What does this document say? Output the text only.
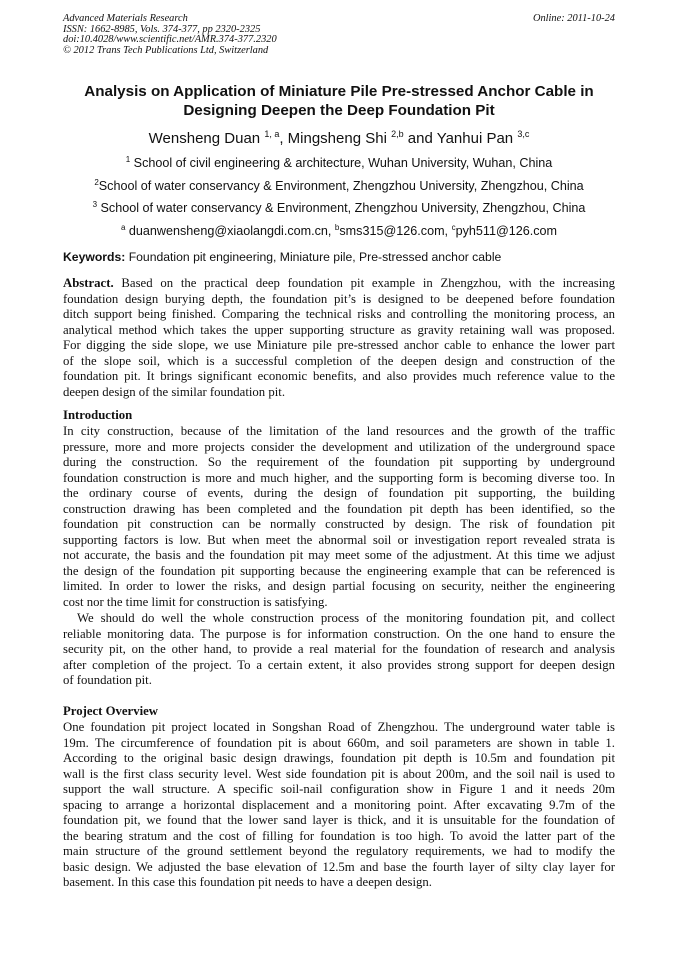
Advanced Materials Research
ISSN: 1662-8985, Vols. 374-377, pp 2320-2325
doi:10.4028/www.scientific.net/AMR.374-377.2320
© 2012 Trans Tech Publications Ltd, Switzerland
Online: 2011-10-24
Analysis on Application of Miniature Pile Pre-stressed Anchor Cable in
Designing Deepen the Deep Foundation Pit
Wensheng Duan $^{1, a}$, Mingsheng Shi $^{2,b}$ and Yanhui Pan $^{3,c}$
$^1$ School of civil engineering & architecture, Wuhan University, Wuhan, China
$^2$School of water conservancy & Environment, Zhengzhou University, Zhengzhou, China
$^3$ School of water conservancy & Environment, Zhengzhou University, Zhengzhou, China
$^a$ duanwensheng@xiaolangdi.com.cn, $^b$sms315@126.com, $^c$pyh511@126.com
Keywords: Foundation pit engineering, Miniature pile, Pre-stressed anchor cable
Abstract. Based on the practical deep foundation pit example in Zhengzhou, with the increasing
foundation design burying depth, the foundation pit’s is designed to be deepened before foundation
ditch support being finished. Comparing the technical risks and controlling the monitoring process, an
analytical method which takes the upper supporting structure as gravity retaining wall was proposed.
For digging the side slope, we use Miniature pile pre-stressed anchor cable to enhance the lower part
of the slope soil, which is a successful completion of the deepen design and construction of the
foundation pit. It brings significant economic benefits, and also provides much reference value to the
deepen design of the similar foundation pit.
Introduction
In city construction, because of the limitation of the land resources and the growth of the traffic
pressure, more and more projects consider the development and utilization of the underground space
during the construction. So the requirement of the foundation pit supporting by underground
foundation construction is more and much higher, and the supporting form is becoming diverse too. In
the ordinary course of events, during the design of foundation pit supporting, the building
construction drawing has been completed and the foundation pit depth has been identified, so the
foundation pit construction can be normally constructed by design. The risk of foundation pit
supporting factors is low. But when meet the abnormal soil or investigation report revealed strata is
not accurate, the basis and the foundation pit may meet some of the adjustment. At this time we adjust
the design of the foundation pit supporting because the engineering example that can be referenced is
limited. In order to lower the risks, and design partial focusing on security, neither the engineering
cost nor the time limit for construction is satisfying.
We should do well the whole construction process of the monitoring foundation pit, and collect
reliable monitoring data. The purpose is for information construction. On the one hand to ensure the
security pit, on the other hand, to provide a real material for the foundation of research and analysis
after completion of the project. To a certain extent, it also provides strong support for deepen design
of foundation pit.
Project Overview
One foundation pit project located in Songshan Road of Zhengzhou. The underground water table is
19m. The circumference of foundation pit is about 660m, and soil parameters are shown in table 1.
According to the original basic design drawings, foundation pit depth is 10.5m and foundation pit
wall is the first class security level. West side foundation pit is about 200m, and the soil nail is used to
support the wall structure. A specific soil-nail configuration show in Figure 1 and it needs 20m
spacing to arrange a horizontal displacement and a monitoring point. After excavating 9.7m of the
foundation pit, we found that the lower sand layer is thick, and it is unsuitable for the foundation of
the bearing stratum and the cost of filling for foundation is too high. To avoid the latter part of the
main structure of the ground settlement beyond the regulatory requirements, we had to modify the
basic design. We adjusted the base elevation of 12.5m and base the fourth layer of silty clay layer for
basement. In this case this foundation pit needs to have a deepen design.
